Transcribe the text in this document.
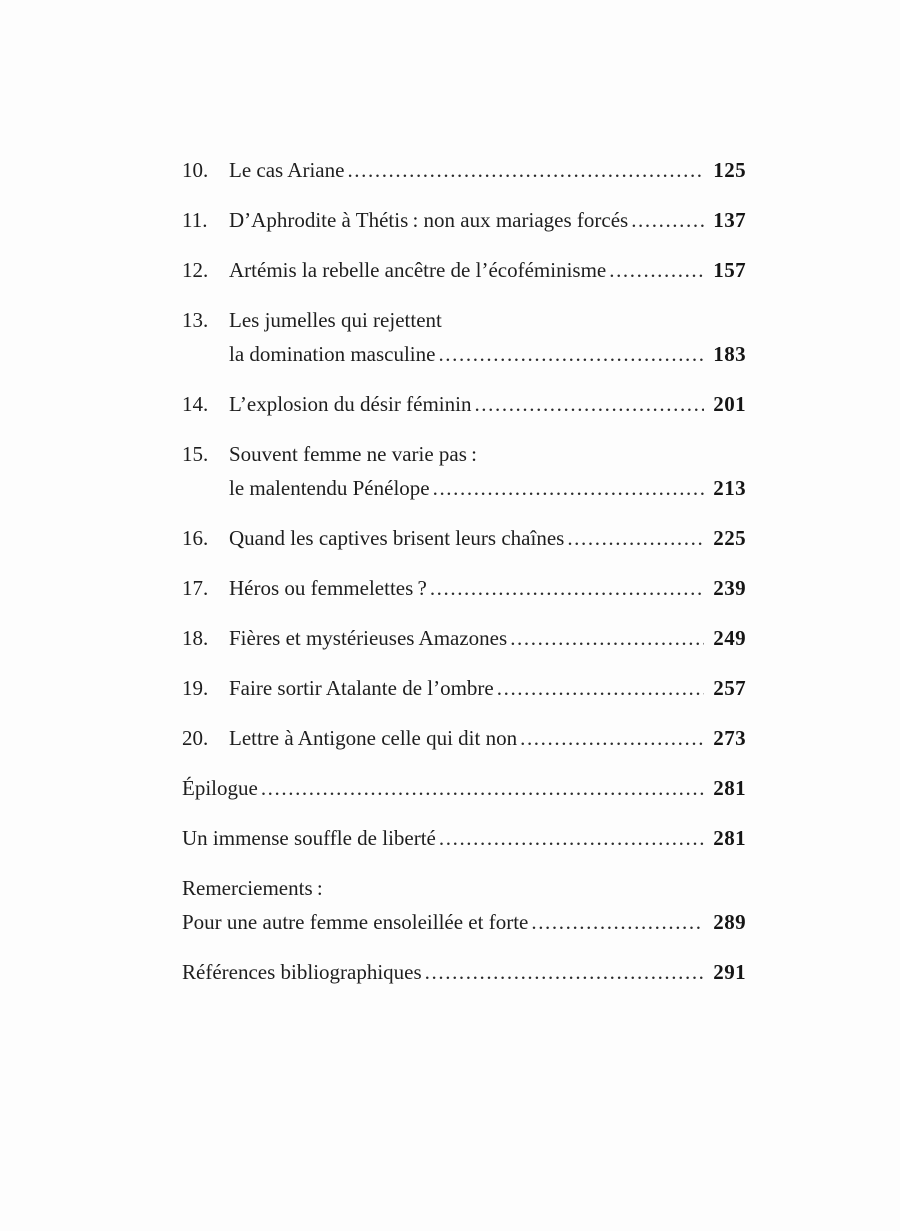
10. Le cas Ariane .....	125
11.	D’Aphrodite à Thétis : non aux mariages forcés .....	137
12. Artémis la rebelle ancêtre de l’écoféminisme .....	157
13. Les jumelles qui rejettent
la domination masculine .....	183
14. L’explosion du désir féminin .....	201
15. Souvent femme ne varie pas :
le malentendu Pénélope .....	213
16. Quand les captives brisent leurs chaînes .....	225
17. Héros ou femmelettes ? .....	239
18. Fières et mystérieuses Amazones .....	249
19. Faire sortir Atalante de l’ombre .....	257
20. Lettre à Antigone celle qui dit non .....	273
Épilogue .....	281
Un immense souffle de liberté .....	281
Remerciements :
Pour une autre femme ensoleillée et forte .....	289
Références bibliographiques .....	291
